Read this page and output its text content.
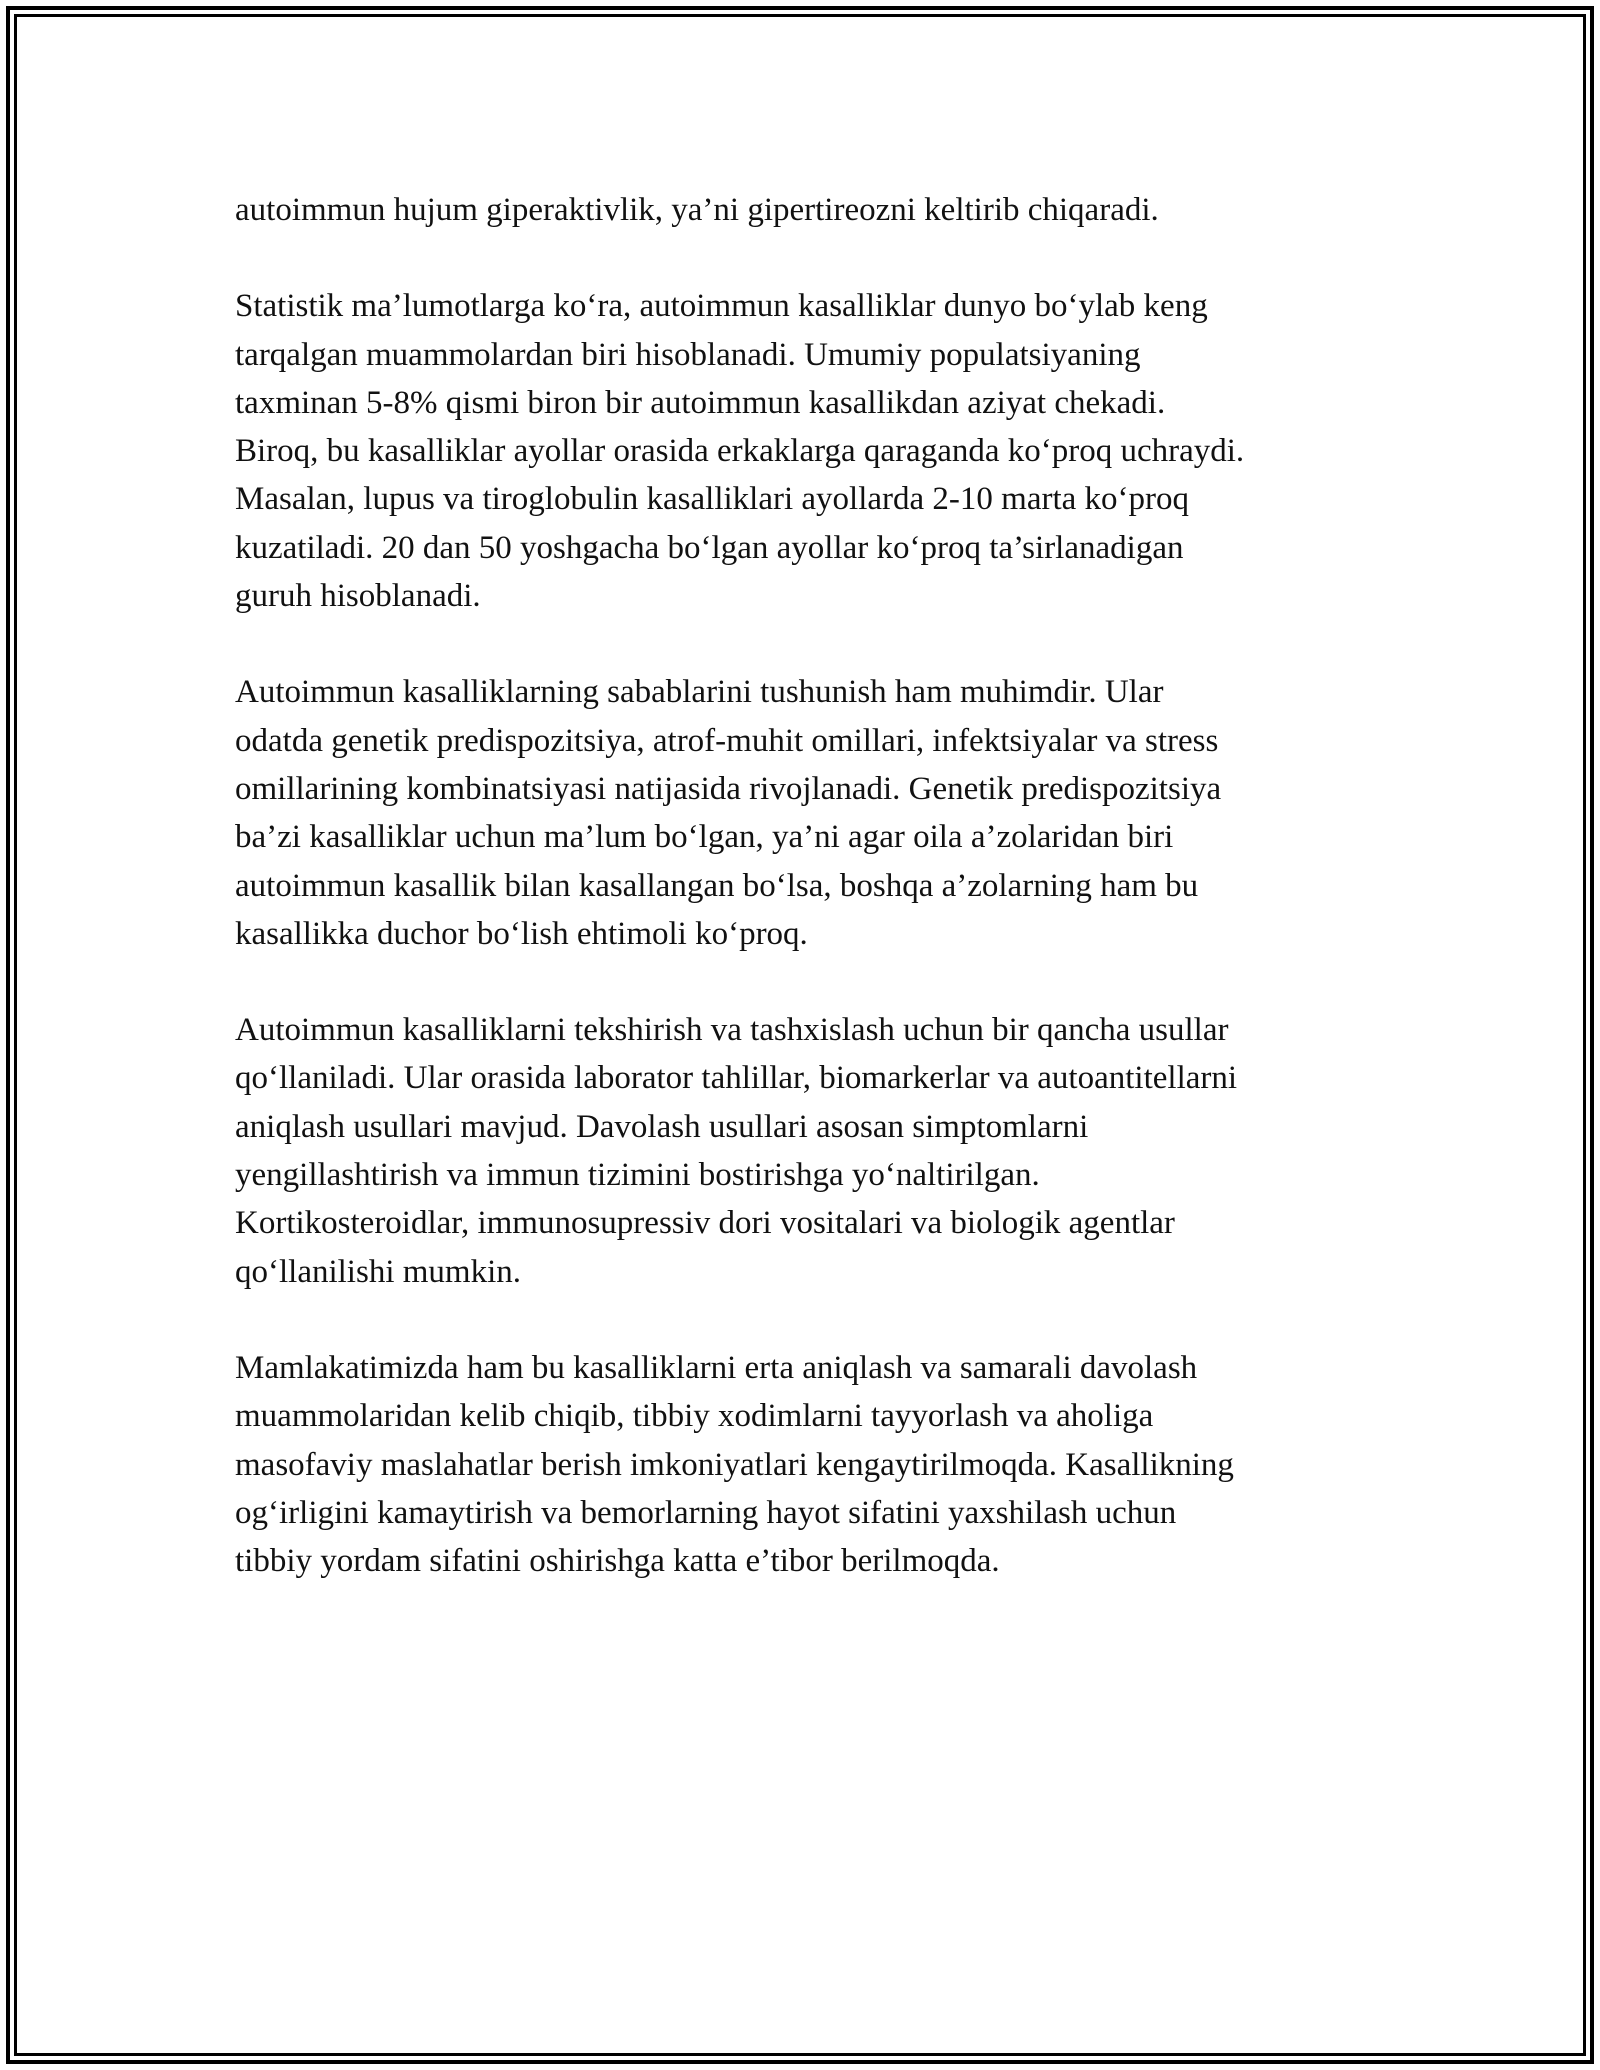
autoimmun hujum giperaktivlik, ya’ni gipertireozni keltirib chiqaradi.

Statistik ma’lumotlarga ko‘ra, autoimmun kasalliklar dunyo bo‘ylab keng
tarqalgan muammolardan biri hisoblanadi. Umumiy populatsiyaning
taxminan 5-8% qismi biron bir autoimmun kasallikdan aziyat chekadi.
Biroq, bu kasalliklar ayollar orasida erkaklarga qaraganda ko‘proq uchraydi.
Masalan, lupus va tiroglobulin kasalliklari ayollarda 2-10 marta ko‘proq
kuzatiladi. 20 dan 50 yoshgacha bo‘lgan ayollar ko‘proq ta’sirlanadigan
guruh hisoblanadi.

Autoimmun kasalliklarning sabablarini tushunish ham muhimdir. Ular
odatda genetik predispozitsiya, atrof-muhit omillari, infektsiyalar va stress
omillarining kombinatsiyasi natijasida rivojlanadi. Genetik predispozitsiya
ba’zi kasalliklar uchun ma’lum bo‘lgan, ya’ni agar oila a’zolaridan biri
autoimmun kasallik bilan kasallangan bo‘lsa, boshqa a’zolarning ham bu
kasallikka duchor bo‘lish ehtimoli ko‘proq.

Autoimmun kasalliklarni tekshirish va tashxislash uchun bir qancha usullar
qo‘llaniladi. Ular orasida laborator tahlillar, biomarkerlar va autoantitellarni
aniqlash usullari mavjud. Davolash usullari asosan simptomlarni
yengillashtirish va immun tizimini bostirishga yo‘naltirilgan.
Kortikosteroidlar, immunosupressiv dori vositalari va biologik agentlar
qo‘llanilishi mumkin.

Mamlakatimizda ham bu kasalliklarni erta aniqlash va samarali davolash
muammolaridan kelib chiqib, tibbiy xodimlarni tayyorlash va aholiga
masofaviy maslahatlar berish imkoniyatlari kengaytirilmoqda. Kasallikning
og‘irligini kamaytirish va bemorlarning hayot sifatini yaxshilash uchun
tibbiy yordam sifatini oshirishga katta e’tibor berilmoqda.
